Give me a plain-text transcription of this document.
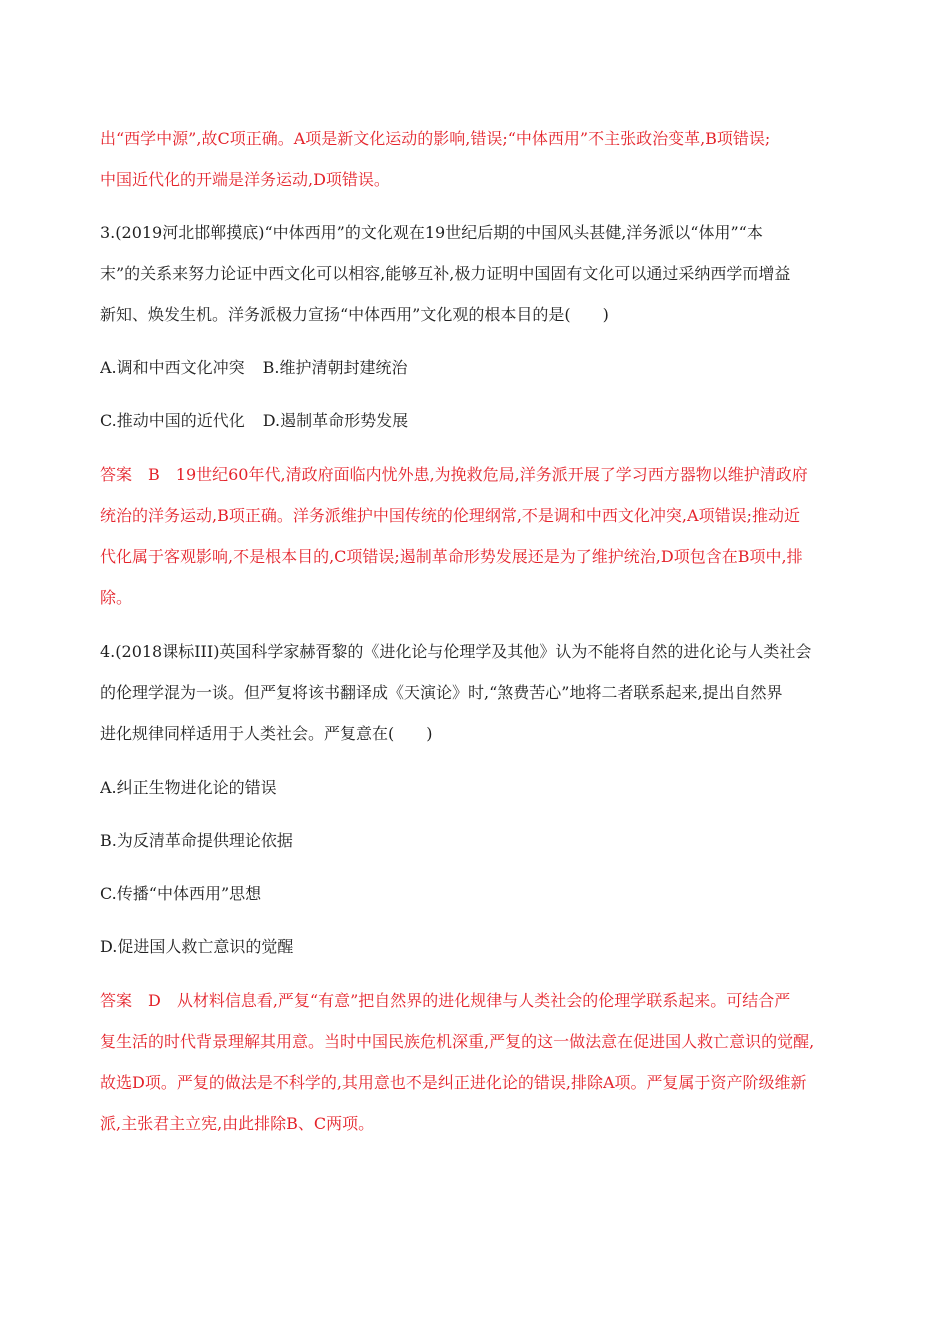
出“西学中源”,故C项正确。A项是新文化运动的影响,错误;“中体西用”不主张政治变革,B项错误;
中国近代化的开端是洋务运动,D项错误。
3.(2019河北邯郸摸底)“中体西用”的文化观在19世纪后期的中国风头甚健,洋务派以“体用”“本
末”的关系来努力论证中西文化可以相容,能够互补,极力证明中国固有文化可以通过采纳西学而增益
新知、焕发生机。洋务派极力宣扬“中体西用”文化观的根本目的是(　　)
A.调和中西文化冲突 B.维护清朝封建统治
C.推动中国的近代化 D.遏制革命形势发展
答案　B　19世纪60年代,清政府面临内忧外患,为挽救危局,洋务派开展了学习西方器物以维护清政府
统治的洋务运动,B项正确。洋务派维护中国传统的伦理纲常,不是调和中西文化冲突,A项错误;推动近
代化属于客观影响,不是根本目的,C项错误;遏制革命形势发展还是为了维护统治,D项包含在B项中,排
除。
4.(2018课标III)英国科学家赫胥黎的《进化论与伦理学及其他》认为不能将自然的进化论与人类社会
的伦理学混为一谈。但严复将该书翻译成《天演论》时,“煞费苦心”地将二者联系起来,提出自然界
进化规律同样适用于人类社会。严复意在(　　)
A.纠正生物进化论的错误
B.为反清革命提供理论依据
C.传播“中体西用”思想
D.促进国人救亡意识的觉醒
答案　D　从材料信息看,严复“有意”把自然界的进化规律与人类社会的伦理学联系起来。可结合严
复生活的时代背景理解其用意。当时中国民族危机深重,严复的这一做法意在促进国人救亡意识的觉醒,
故选D项。严复的做法是不科学的,其用意也不是纠正进化论的错误,排除A项。严复属于资产阶级维新
派,主张君主立宪,由此排除B、C两项。
